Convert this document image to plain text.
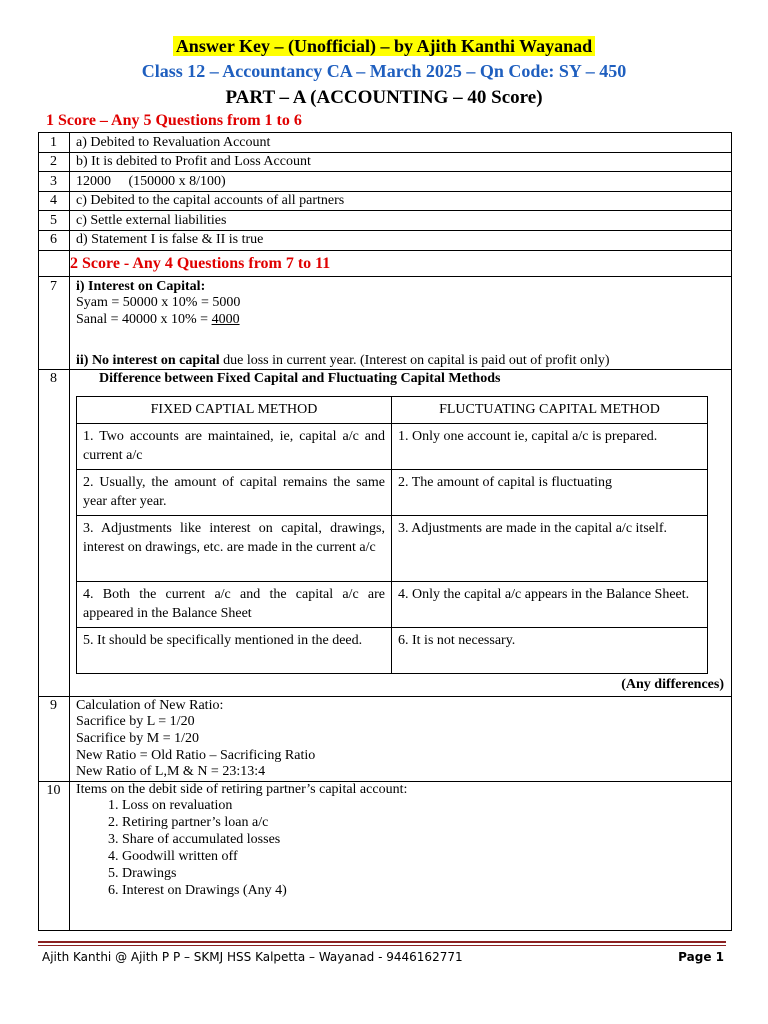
Answer Key – (Unofficial) – by Ajith Kanthi Wayanad
Class 12 – Accountancy CA – March 2025 – Qn Code: SY – 450
PART – A (ACCOUNTING – 40 Score)
1 Score – Any 5 Questions from 1 to 6
1	a) Debited to Revaluation Account
2	b) It is debited to Profit and Loss Account
3	12000     (150000 x 8/100)
4	c) Debited to the capital accounts of all partners
5	c) Settle external liabilities
6	d) Statement I is false & II is true
2 Score - Any 4 Questions from 7 to 11
7	i) Interest on Capital:
Syam = 50000 x 10% = 5000
Sanal = 40000 x 10% = 4000
ii) No interest on capital due loss in current year. (Interest on capital is paid out of profit only)
8	Difference between Fixed Capital and Fluctuating Capital Methods
FIXED CAPTIAL METHOD	FLUCTUATING CAPITAL METHOD
1. Two accounts are maintained, ie, capital a/c and current a/c	1. Only one account ie, capital a/c is prepared.
2. Usually, the amount of capital remains the same year after year.	2. The amount of capital is fluctuating
3. Adjustments like interest on capital, drawings, interest on drawings, etc. are made in the current a/c	3. Adjustments are made in the capital a/c itself.
4. Both the current a/c and the capital a/c are appeared in the Balance Sheet	4. Only the capital a/c appears in the Balance Sheet.
5. It should be specifically mentioned in the deed.	6. It is not necessary.
(Any differences)
9	Calculation of New Ratio:
Sacrifice by L = 1/20
Sacrifice by M = 1/20
New Ratio = Old Ratio – Sacrificing Ratio
New Ratio of L,M & N = 23:13:4
10	Items on the debit side of retiring partner’s capital account:
1. Loss on revaluation
2. Retiring partner’s loan a/c
3. Share of accumulated losses
4. Goodwill written off
5. Drawings
6. Interest on Drawings (Any 4)
Ajith Kanthi @ Ajith P P – SKMJ HSS Kalpetta – Wayanad - 9446162771	Page 1
